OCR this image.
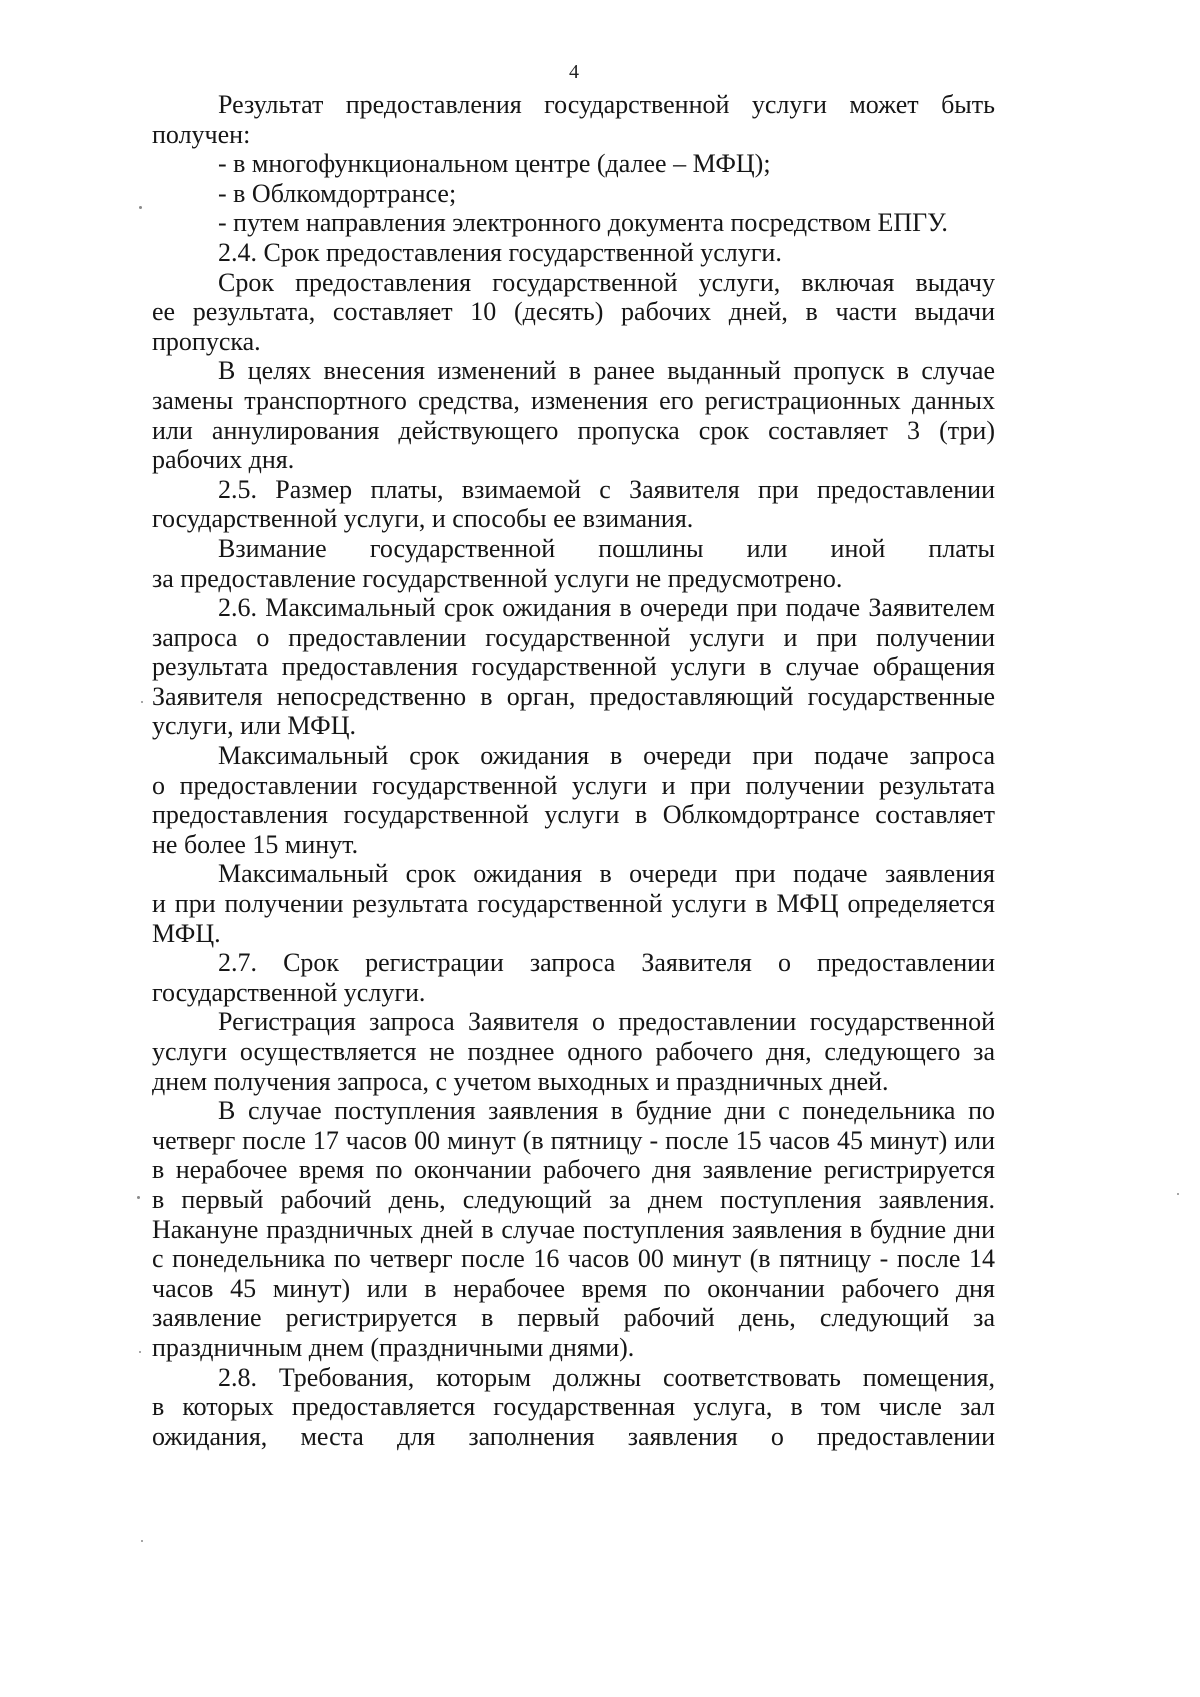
4
Результат предоставления государственной услуги может быть
получен:
- в многофункциональном центре (далее – МФЦ);
- в Облкомдортрансе;
- путем направления электронного документа посредством ЕПГУ.
2.4. Срок предоставления государственной услуги.
Срок предоставления государственной услуги, включая выдачу
ее результата, составляет 10 (десять) рабочих дней, в части выдачи
пропуска.
В целях внесения изменений в ранее выданный пропуск в случае
замены транспортного средства, изменения его регистрационных данных
или аннулирования действующего пропуска срок составляет 3 (три)
рабочих дня.
2.5. Размер платы, взимаемой с Заявителя при предоставлении
государственной услуги, и способы ее взимания.
Взимание государственной пошлины или иной платы
за предоставление государственной услуги не предусмотрено.
2.6. Максимальный срок ожидания в очереди при подаче Заявителем
запроса о предоставлении государственной услуги и при получении
результата предоставления государственной услуги в случае обращения
Заявителя непосредственно в орган, предоставляющий государственные
услуги, или МФЦ.
Максимальный срок ожидания в очереди при подаче запроса
о предоставлении государственной услуги и при получении результата
предоставления государственной услуги в Облкомдортрансе составляет
не более 15 минут.
Максимальный срок ожидания в очереди при подаче заявления
и при получении результата государственной услуги в МФЦ определяется
МФЦ.
2.7. Срок регистрации запроса Заявителя о предоставлении
государственной услуги.
Регистрация запроса Заявителя о предоставлении государственной
услуги осуществляется не позднее одного рабочего дня, следующего за
днем получения запроса, с учетом выходных и праздничных дней.
В случае поступления заявления в будние дни с понедельника по
четверг после 17 часов 00 минут (в пятницу - после 15 часов 45 минут) или
в нерабочее время по окончании рабочего дня заявление регистрируется
в первый рабочий день, следующий за днем поступления заявления.
Накануне праздничных дней в случае поступления заявления в будние дни
с понедельника по четверг после 16 часов 00 минут (в пятницу - после 14
часов 45 минут) или в нерабочее время по окончании рабочего дня
заявление регистрируется в первый рабочий день, следующий за
праздничным днем (праздничными днями).
2.8. Требования, которым должны соответствовать помещения,
в которых предоставляется государственная услуга, в том числе зал
ожидания, места для заполнения заявления о предоставлении
